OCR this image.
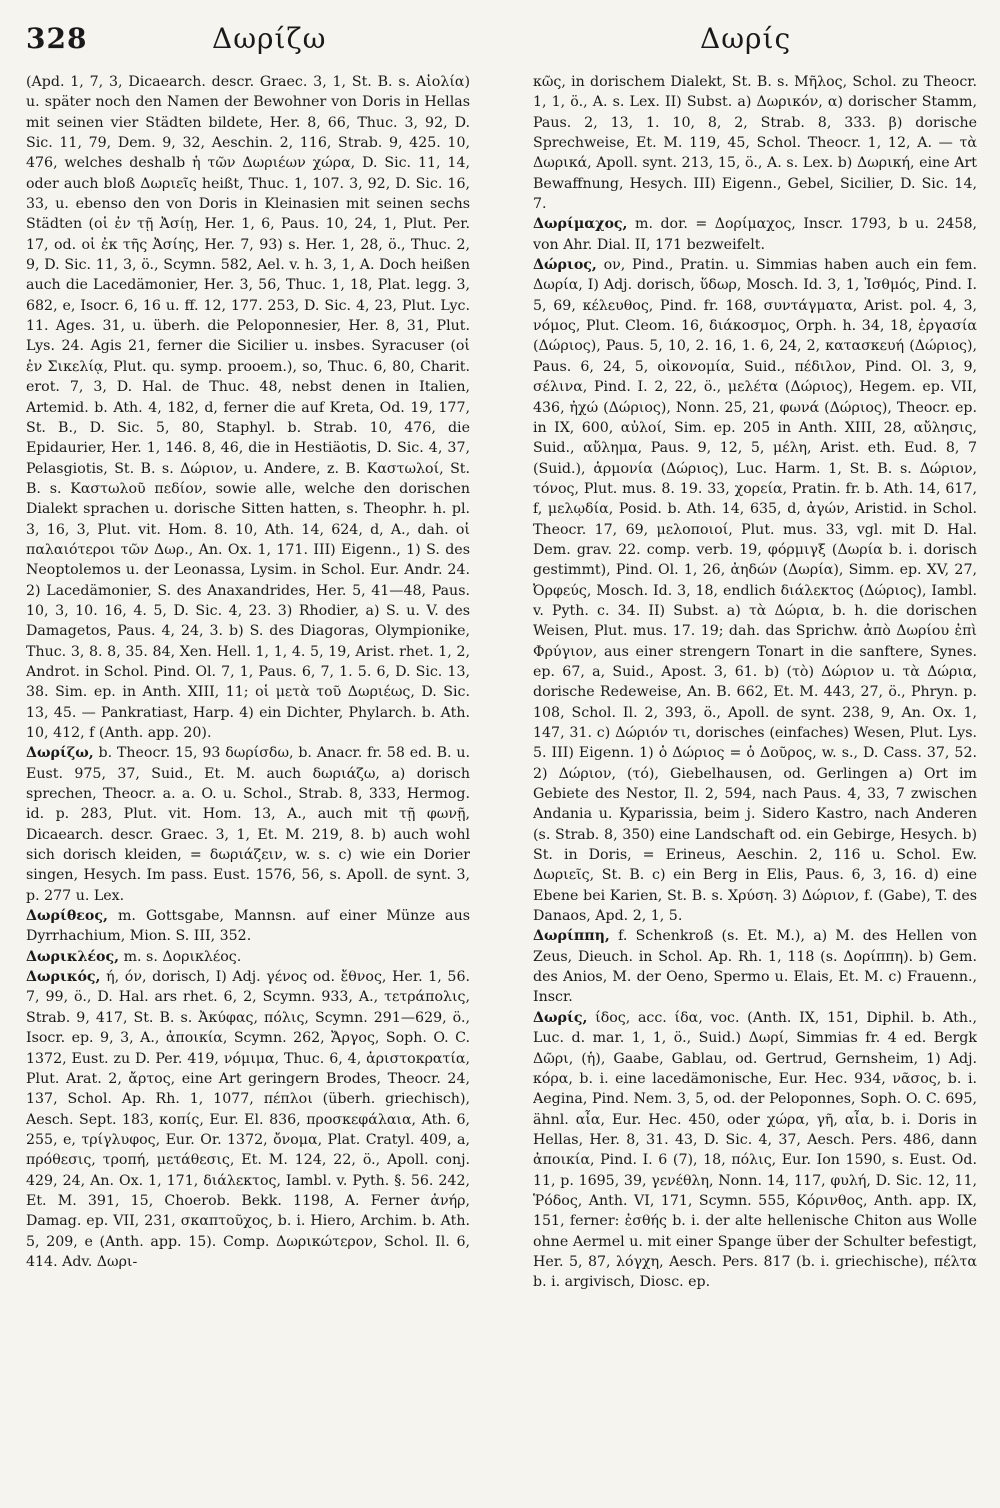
328	Δωρίζω	Δωρίς

(Apd. 1, 7, 3, Dicaearch. descr. Graec. 3, 1, St. B. s. Αἰολία) u. später noch den Namen der Bewohner von Doris in Hellas mit seinen vier Städten bildete, Her. 8, 66, Thuc. 3, 92, D. Sic. 11, 79, Dem. 9, 32, Aeschin. 2, 116, Strab. 9, 425. 10, 476, welches deshalb ἡ τῶν Δωριέων χώρα, D. Sic. 11, 14, oder auch bloß Δωριεῖς heißt, Thuc. 1, 107. 3, 92, D. Sic. 16, 33, u. ebenso den von Doris in Kleinasien mit seinen sechs Städten (οἱ ἐν τῇ Ἀσίῃ, Her. 1, 6, Paus. 10, 24, 1, Plut. Per. 17, od. οἱ ἐκ τῆς Ἀσίης, Her. 7, 93) s. Her. 1, 28, ö., Thuc. 2, 9, D. Sic. 11, 3, ö., Scymn. 582, Ael. v. h. 3, 1, A. Doch heißen auch die Lacedämonier, Her. 3, 56, Thuc. 1, 18, Plat. legg. 3, 682, e, Isocr. 6, 16 u. ff. 12, 177. 253, D. Sic. 4, 23, Plut. Lyc. 11. Ages. 31, u. überh. die Peloponnesier, Her. 8, 31, Plut. Lys. 24. Agis 21, ferner die Sicilier u. insbes. Syracuser (οἱ ἐν Σικελίᾳ, Plut. qu. symp. prooem.), so, Thuc. 6, 80, Charit. erot. 7, 3, D. Hal. de Thuc. 48, nebst denen in Italien, Artemid. b. Ath. 4, 182, d, ferner die auf Kreta, Od. 19, 177, St. B., D. Sic. 5, 80, Staphyl. b. Strab. 10, 476, die Epidaurier, Her. 1, 146. 8, 46, die in Hestiäotis, D. Sic. 4, 37, Pelasgiotis, St. B. s. Δώριον, u. Andere, z. B. Καστωλοί, St. B. s. Καστωλοῦ πεδίον, sowie alle, welche den dorischen Dialekt sprachen u. dorische Sitten hatten, s. Theophr. h. pl. 3, 16, 3, Plut. vit. Hom. 8. 10, Ath. 14, 624, d, A., dah. οἱ παλαιότεροι τῶν Δωρ., An. Ox. 1, 171. III) Eigenn., 1) S. des Neoptolemos u. der Leonassa, Lysim. in Schol. Eur. Andr. 24. 2) Lacedämonier, S. des Anaxandrides, Her. 5, 41—48, Paus. 10, 3, 10. 16, 4. 5, D. Sic. 4, 23. 3) Rhodier, a) S. u. V. des Damagetos, Paus. 4, 24, 3. b) S. des Diagoras, Olympionike, Thuc. 3, 8. 8, 35. 84, Xen. Hell. 1, 1, 4. 5, 19, Arist. rhet. 1, 2, Androt. in Schol. Pind. Ol. 7, 1, Paus. 6, 7, 1. 5. 6, D. Sic. 13, 38. Sim. ep. in Anth. XIII, 11; οἱ μετὰ τοῦ Δωριέως, D. Sic. 13, 45. — Pankratiast, Harp. 4) ein Dichter, Phylarch. b. Ath. 10, 412, f (Anth. app. 20).

Δωρίζω, b. Theocr. 15, 93 δωρίσδω, b. Anacr. fr. 58 ed. B. u. Eust. 975, 37, Suid., Et. M. auch δωριάζω, a) dorisch sprechen, Theocr. a. a. O. u. Schol., Strab. 8, 333, Hermog. id. p. 283, Plut. vit. Hom. 13, A., auch mit τῇ φωνῇ, Dicaearch. descr. Graec. 3, 1, Et. M. 219, 8. b) auch wohl sich dorisch kleiden, = δωριάζειν, w. s. c) wie ein Dorier singen, Hesych. Im pass. Eust. 1576, 56, s. Apoll. de synt. 3, p. 277 u. Lex.

Δωρίθεος, m. Gottsgabe, Mannsn. auf einer Münze aus Dyrrhachium, Mion. S. III, 352.

Δωρικλέος, m. s. Δορικλέος.

Δωρικός, ή, όν, dorisch, I) Adj. γένος od. ἔθνος, Her. 1, 56. 7, 99, ö., D. Hal. ars rhet. 6, 2, Scymn. 933, A., τετράπολις, Strab. 9, 417, St. B. s. Ἀκύφας, πόλις, Scymn. 291—629, ö., Isocr. ep. 9, 3, A., ἀποικία, Scymn. 262, Ἄργος, Soph. O. C. 1372, Eust. zu D. Per. 419, νόμιμα, Thuc. 6, 4, ἀριστοκρατία, Plut. Arat. 2, ἄρτος, eine Art geringern Brodes, Theocr. 24, 137, Schol. Ap. Rh. 1, 1077, πέπλοι (überh. griechisch), Aesch. Sept. 183, κοπίς, Eur. El. 836, προσκεφάλαια, Ath. 6, 255, e, τρίγλυφος, Eur. Or. 1372, ὄνομα, Plat. Cratyl. 409, a, πρόθεσις, τροπή, μετάθεσις, Et. M. 124, 22, ö., Apoll. conj. 429, 24, An. Ox. 1, 171, διάλεκτος, Iambl. v. Pyth. §. 56. 242, Et. M. 391, 15, Choerob. Bekk. 1198, A. Ferner ἀνήρ, Damag. ep. VII, 231, σκαπτοῦχος, b. i. Hiero, Archim. b. Ath. 5, 209, e (Anth. app. 15). Comp. Δωρικώτερον, Schol. Il. 6, 414. Adv. Δωρι-

κῶς, in dorischem Dialekt, St. B. s. Μῆλος, Schol. zu Theocr. 1, 1, ö., A. s. Lex. II) Subst. a) Δωρικόν, α) dorischer Stamm, Paus. 2, 13, 1. 10, 8, 2, Strab. 8, 333. β) dorische Sprechweise, Et. M. 119, 45, Schol. Theocr. 1, 12, A. — τὰ Δωρικά, Apoll. synt. 213, 15, ö., A. s. Lex. b) Δωρική, eine Art Bewaffnung, Hesych. III) Eigenn., Gebel, Sicilier, D. Sic. 14, 7.

Δωρίμαχος, m. dor. = Δορίμαχος, Inscr. 1793, b u. 2458, von Ahr. Dial. II, 171 bezweifelt.

Δώριος, ον, Pind., Pratin. u. Simmias haben auch ein fem. Δωρία, I) Adj. dorisch, ὕδωρ, Mosch. Id. 3, 1, Ἰσθμός, Pind. I. 5, 69, κέλευθος, Pind. fr. 168, συντάγματα, Arist. pol. 4, 3, νόμος, Plut. Cleom. 16, διάκοσμος, Orph. h. 34, 18, ἐργασία (Δώριος), Paus. 5, 10, 2. 16, 1. 6, 24, 2, κατασκευή (Δώριος), Paus. 6, 24, 5, οἰκονομία, Suid., πέδιλον, Pind. Ol. 3, 9, σέλινα, Pind. I. 2, 22, ö., μελέτα (Δώριος), Hegem. ep. VII, 436, ἠχώ (Δώριος), Nonn. 25, 21, φωνά (Δώριος), Theocr. ep. in IX, 600, αὐλοί, Sim. ep. 205 in Anth. XIII, 28, αὔλησις, Suid., αὔλημα, Paus. 9, 12, 5, μέλη, Arist. eth. Eud. 8, 7 (Suid.), ἁρμονία (Δώριος), Luc. Harm. 1, St. B. s. Δώριον, τόνος, Plut. mus. 8. 19. 33, χορεία, Pratin. fr. b. Ath. 14, 617, f, μελῳδία, Posid. b. Ath. 14, 635, d, ἀγών, Aristid. in Schol. Theocr. 17, 69, μελοποιοί, Plut. mus. 33, vgl. mit D. Hal. Dem. grav. 22. comp. verb. 19, φόρμιγξ (Δωρία b. i. dorisch gestimmt), Pind. Ol. 1, 26, ἀηδών (Δωρία), Simm. ep. XV, 27, Ὀρφεύς, Mosch. Id. 3, 18, endlich διάλεκτος (Δώριος), Iambl. v. Pyth. c. 34. II) Subst. a) τὰ Δώρια, b. h. die dorischen Weisen, Plut. mus. 17. 19; dah. das Sprichw. ἀπὸ Δωρίου ἐπὶ Φρύγιον, aus einer strengern Tonart in die sanftere, Synes. ep. 67, a, Suid., Apost. 3, 61. b) (τὸ) Δώριον u. τὰ Δώρια, dorische Redeweise, An. B. 662, Et. M. 443, 27, ö., Phryn. p. 108, Schol. Il. 2, 393, ö., Apoll. de synt. 238, 9, An. Ox. 1, 147, 31. c) Δώριόν τι, dorisches (einfaches) Wesen, Plut. Lys. 5. III) Eigenn. 1) ὁ Δώριος = ὁ Δοῦρος, w. s., D. Cass. 37, 52. 2) Δώριον, (τό), Giebelhausen, od. Gerlingen a) Ort im Gebiete des Nestor, Il. 2, 594, nach Paus. 4, 33, 7 zwischen Andania u. Kyparissia, beim j. Sidero Kastro, nach Anderen (s. Strab. 8, 350) eine Landschaft od. ein Gebirge, Hesych. b) St. in Doris, = Erineus, Aeschin. 2, 116 u. Schol. Ew. Δωριεῖς, St. B. c) ein Berg in Elis, Paus. 6, 3, 16. d) eine Ebene bei Karien, St. B. s. Χρύση. 3) Δώριον, f. (Gabe), T. des Danaos, Apd. 2, 1, 5.

Δωρίππη, f. Schenkroß (s. Et. M.), a) M. des Hellen von Zeus, Dieuch. in Schol. Ap. Rh. 1, 118 (s. Δορίππη). b) Gem. des Anios, M. der Oeno, Spermo u. Elais, Et. M. c) Frauenn., Inscr.

Δωρίς, ίδος, acc. ίδα, voc. (Anth. IX, 151, Diphil. b. Ath., Luc. d. mar. 1, 1, ö., Suid.) Δωρί, Simmias fr. 4 ed. Bergk Δῶρι, (ἡ), Gaabe, Gablau, od. Gertrud, Gernsheim, 1) Adj. κόρα, b. i. eine lacedämonische, Eur. Hec. 934, νᾶσος, b. i. Aegina, Pind. Nem. 3, 5, od. der Peloponnes, Soph. O. C. 695, ähnl. αἶα, Eur. Hec. 450, oder χώρα, γῆ, αἶα, b. i. Doris in Hellas, Her. 8, 31. 43, D. Sic. 4, 37, Aesch. Pers. 486, dann ἀποικία, Pind. I. 6 (7), 18, πόλις, Eur. Ion 1590, s. Eust. Od. 11, p. 1695, 39, γενέθλη, Nonn. 14, 117, φυλή, D. Sic. 12, 11, Ῥόδος, Anth. VI, 171, Scymn. 555, Κόρινθος, Anth. app. IX, 151, ferner: ἐσθής b. i. der alte hellenische Chiton aus Wolle ohne Aermel u. mit einer Spange über der Schulter befestigt, Her. 5, 87, λόγχη, Aesch. Pers. 817 (b. i. griechische), πέλτα b. i. argivisch, Diosc. ep.
